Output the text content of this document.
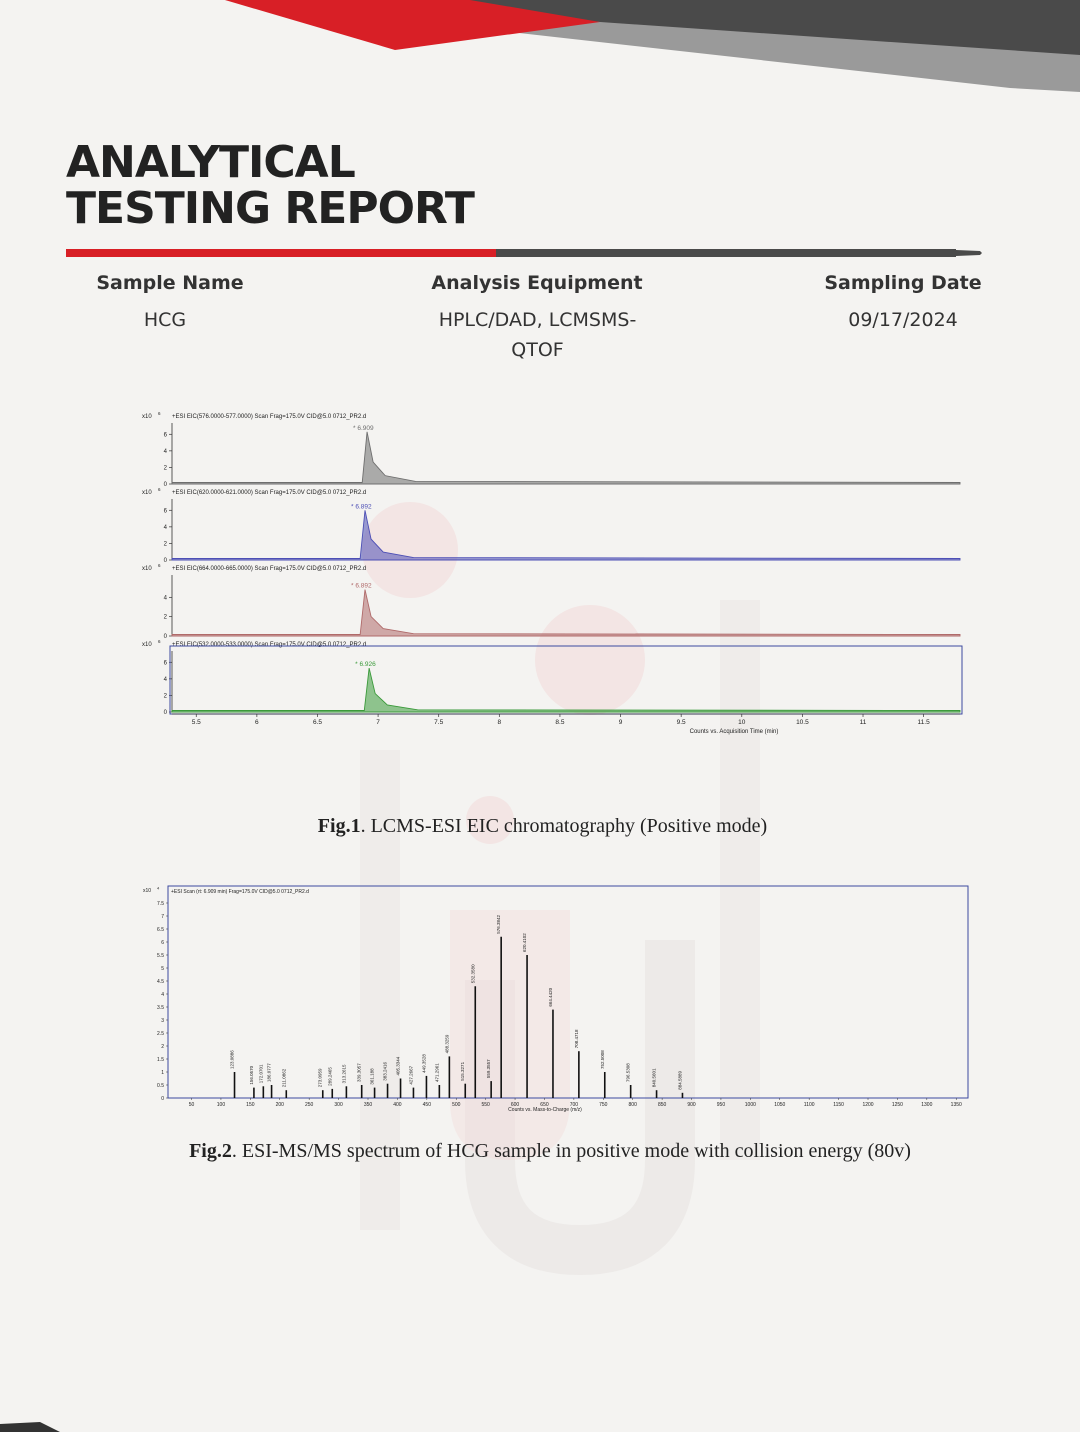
ANALYTICAL
TESTING REPORT
Sample Name
HCG
Analysis Equipment
HPLC/DAD, LCMSMS-
QTOF
Sampling Date
09/17/2024
x10
6
+ESI EIC(576.0000-577.0000) Scan Frag=175.0V CID@5.0 0712_PR2.d
0
2
4
6
* 6.909
x10
6
+ESI EIC(620.0000-621.0000) Scan Frag=175.0V CID@5.0 0712_PR2.d
0
2
4
6
* 6.892
x10
6
+ESI EIC(664.0000-665.0000) Scan Frag=175.0V CID@5.0 0712_PR2.d
0
2
4
* 6.892
x10
6
+ESI EIC(532.0000-533.0000) Scan Frag=175.0V CID@5.0 0712_PR2.d
0
2
4
6	* 6.926
5.5	6	6.5	7	7.5	8	8.5	9	9.5	10	10.5	11	11.5
Counts vs. Acquisition Time (min)
Fig.1. LCMS-ESI EIC chromatography (Positive mode)
x10 4
+ESI Scan (rt: 6.909 min) Frag=175.0V CID@5.0 0712_PR2.d
0
0.5
1
1.5
2
2.5
3
3.5
4
4.5
5
5.5
6
6.5
7
7.5
50	100	150	200	250	300	350	400	450	500	550	600	650	700	750	800	850	900	950	1000	1050	1100	1150	1200	1250	1300	1350
Counts vs. Mass-to-Charge (m/z)
123.0886
156.0570 172.0701 186.0777 211.0862	273.0959 289.2465 313.2615 339.3057 361.188 383.2416 405.3344 427.2667
449.3528 471.2961
488.3259
515.3271
532.3580
559.3557
576.3842
620.4102
664.4420
708.4718
752.5008
796.5308	840.5601	884.5889
Fig.2. ESI-MS/MS spectrum of HCG sample in positive mode with collision energy (80v)
